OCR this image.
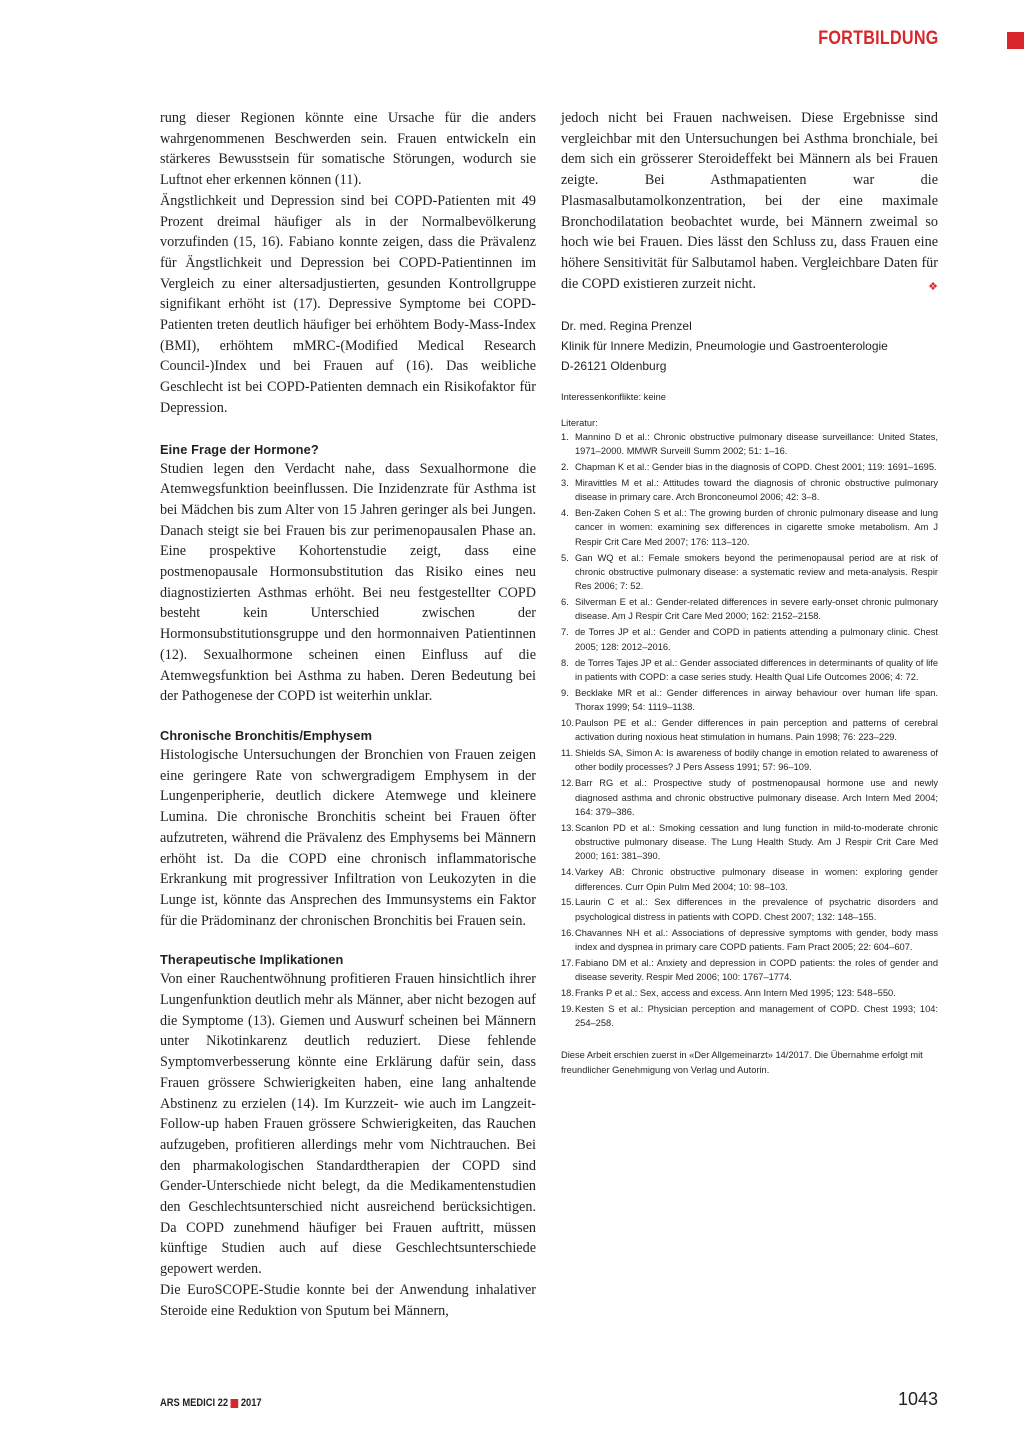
FORTBILDUNG

rung dieser Regionen könnte eine Ursache für die anders wahrgenommenen Beschwerden sein. Frauen entwickeln ein stärkeres Bewusstsein für somatische Störungen, wodurch sie Luftnot eher erkennen können (11).

Ängstlichkeit und Depression sind bei COPD-Patienten mit 49 Prozent dreimal häufiger als in der Normalbevölkerung vorzufinden (15, 16). Fabiano konnte zeigen, dass die Prävalenz für Ängstlichkeit und Depression bei COPD-Patientinnen im Vergleich zu einer altersadjustierten, gesunden Kontrollgruppe signifikant erhöht ist (17). Depressive Symptome bei COPD-Patienten treten deutlich häufiger bei erhöhtem Body-Mass-Index (BMI), erhöhtem mMRC-(Modified Medical Research Council-)Index und bei Frauen auf (16). Das weibliche Geschlecht ist bei COPD-Patienten demnach ein Risikofaktor für Depression.

Eine Frage der Hormone?

Studien legen den Verdacht nahe, dass Sexualhormone die Atemwegsfunktion beeinflussen. Die Inzidenzrate für Asthma ist bei Mädchen bis zum Alter von 15 Jahren geringer als bei Jungen. Danach steigt sie bei Frauen bis zur perimenopausalen Phase an. Eine prospektive Kohortenstudie zeigt, dass eine postmenopausale Hormonsubstitution das Risiko eines neu diagnostizierten Asthmas erhöht. Bei neu festgestellter COPD besteht kein Unterschied zwischen der Hormonsubstitutionsgruppe und den hormonnaiven Patientinnen (12). Sexualhormone scheinen einen Einfluss auf die Atemwegsfunktion bei Asthma zu haben. Deren Bedeutung bei der Pathogenese der COPD ist weiterhin unklar.

Chronische Bronchitis/Emphysem

Histologische Untersuchungen der Bronchien von Frauen zeigen eine geringere Rate von schwergradigem Emphysem in der Lungenperipherie, deutlich dickere Atemwege und kleinere Lumina. Die chronische Bronchitis scheint bei Frauen öfter aufzutreten, während die Prävalenz des Emphysems bei Männern erhöht ist. Da die COPD eine chronisch inflammatorische Erkrankung mit progressiver Infiltration von Leukozyten in die Lunge ist, könnte das Ansprechen des Immunsystems ein Faktor für die Prädominanz der chronischen Bronchitis bei Frauen sein.

Therapeutische Implikationen

Von einer Rauchentwöhnung profitieren Frauen hinsichtlich ihrer Lungenfunktion deutlich mehr als Männer, aber nicht bezogen auf die Symptome (13). Giemen und Auswurf scheinen bei Männern unter Nikotinkarenz deutlich reduziert. Diese fehlende Symptomverbesserung könnte eine Erklärung dafür sein, dass Frauen grössere Schwierigkeiten haben, eine lang anhaltende Abstinenz zu erzielen (14). Im Kurzzeit- wie auch im Langzeit-Follow-up haben Frauen grössere Schwierigkeiten, das Rauchen aufzugeben, profitieren allerdings mehr vom Nichtrauchen. Bei den pharmakologischen Standardtherapien der COPD sind Gender-Unterschiede nicht belegt, da die Medikamentenstudien den Geschlechtsunterschied nicht ausreichend berücksichtigen. Da COPD zunehmend häufiger bei Frauen auftritt, müssen künftige Studien auch auf diese Geschlechtsunterschiede gepowert werden.

Die EuroSCOPE-Studie konnte bei der Anwendung inhalativer Steroide eine Reduktion von Sputum bei Männern,

jedoch nicht bei Frauen nachweisen. Diese Ergebnisse sind vergleichbar mit den Untersuchungen bei Asthma bronchiale, bei dem sich ein grösserer Steroideffekt bei Männern als bei Frauen zeigte. Bei Asthmapatienten war die Plasmasalbutamolkonzentration, bei der eine maximale Bronchodilatation beobachtet wurde, bei Männern zweimal so hoch wie bei Frauen. Dies lässt den Schluss zu, dass Frauen eine höhere Sensitivität für Salbutamol haben. Vergleichbare Daten für die COPD existieren zurzeit nicht.	❖

Dr. med. Regina Prenzel
Klinik für Innere Medizin, Pneumologie und Gastroenterologie
D-26121 Oldenburg
Interessenkonflikte: keine
Literatur:
1. Mannino D et al.: Chronic obstructive pulmonary disease surveillance: United States, 1971–2000. MMWR Surveill Summ 2002; 51: 1–16.
2. Chapman K et al.: Gender bias in the diagnosis of COPD. Chest 2001; 119: 1691–1695.
3. Miravittles M et al.: Attitudes toward the diagnosis of chronic obstructive pulmonary disease in primary care. Arch Bronconeumol 2006; 42: 3–8.
4. Ben-Zaken Cohen S et al.: The growing burden of chronic pulmonary disease and lung cancer in women: examining sex differences in cigarette smoke metabolism. Am J Respir Crit Care Med 2007; 176: 113–120.
5. Gan WQ et al.: Female smokers beyond the perimenopausal period are at risk of chronic obstructive pulmonary disease: a systematic review and meta-analysis. Respir Res 2006; 7: 52.
6. Silverman E et al.: Gender-related differences in severe early-onset chronic pulmonary disease. Am J Respir Crit Care Med 2000; 162: 2152–2158.
7. de Torres JP et al.: Gender and COPD in patients attending a pulmonary clinic. Chest 2005; 128: 2012–2016.
8. de Torres Tajes JP et al.: Gender associated differences in determinants of quality of life in patients with COPD: a case series study. Health Qual Life Outcomes 2006; 4: 72.
9. Becklake MR et al.: Gender differences in airway behaviour over human life span. Thorax 1999; 54: 1119–1138.
10. Paulson PE et al.: Gender differences in pain perception and patterns of cerebral activation during noxious heat stimulation in humans. Pain 1998; 76: 223–229.
11. Shields SA, Simon A: Is awareness of bodily change in emotion related to awareness of other bodily processes? J Pers Assess 1991; 57: 96–109.
12. Barr RG et al.: Prospective study of postmenopausal hormone use and newly diagnosed asthma and chronic obstructive pulmonary disease. Arch Intern Med 2004; 164: 379–386.
13. Scanlon PD et al.: Smoking cessation and lung function in mild-to-moderate chronic obstructive pulmonary disease. The Lung Health Study. Am J Respir Crit Care Med 2000; 161: 381–390.
14. Varkey AB: Chronic obstructive pulmonary disease in women: exploring gender differences. Curr Opin Pulm Med 2004; 10: 98–103.
15. Laurin C et al.: Sex differences in the prevalence of psychatric disorders and psychological distress in patients with COPD. Chest 2007; 132: 148–155.
16. Chavannes NH et al.: Associations of depressive symptoms with gender, body mass index and dyspnea in primary care COPD patients. Fam Pract 2005; 22: 604–607.
17. Fabiano DM et al.: Anxiety and depression in COPD patients: the roles of gender and disease severity. Respir Med 2006; 100: 1767–1774.
18. Franks P et al.: Sex, access and excess. Ann Intern Med 1995; 123: 548–550.
19. Kesten S et al.: Physician perception and management of COPD. Chest 1993; 104: 254–258.
Diese Arbeit erschien zuerst in «Der Allgemeinarzt» 14/2017. Die Übernahme erfolgt mit freundlicher Genehmigung von Verlag und Autorin.
ARS MEDICI 22 2017	1043
